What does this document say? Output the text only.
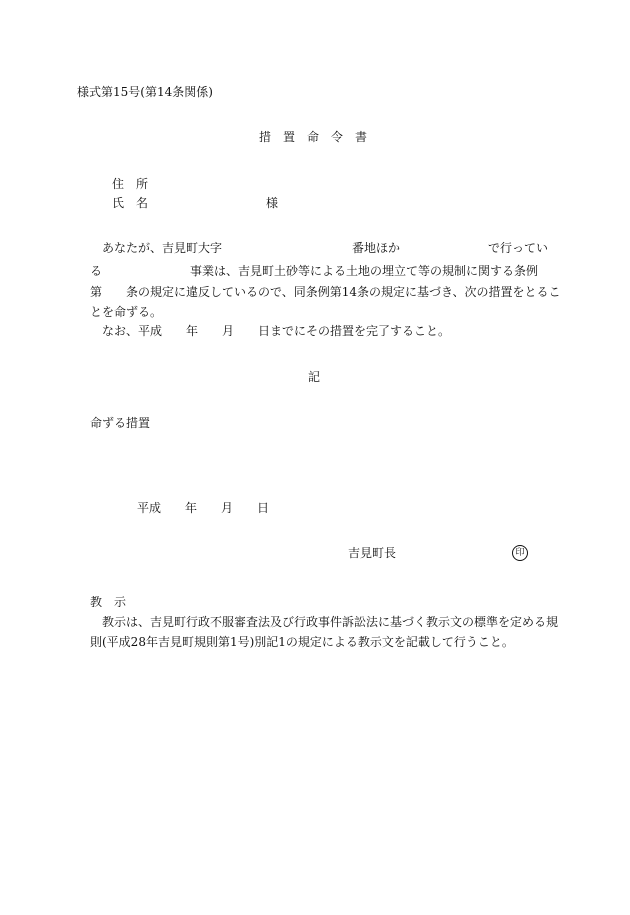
様式第15号(第14条関係)
措　置　命　令　書
住　所
氏　名	様
あなたが、吉見町大字	番地ほか	で行ってい
る	事業は、吉見町土砂等による土地の埋立て等の規制に関する条例
第 条の規定に違反しているので、同条例第14条の規定に基づき、次の措置をとるこ
とを命ずる。
なお、平成　　年　　月　　日までにその措置を完了すること。
記
命ずる措置
平成　　年　　月　　日
吉見町長	印
教　示
教示は、吉見町行政不服審査法及び行政事件訴訟法に基づく教示文の標準を定める規
則(平成28年吉見町規則第1号)別記1の規定による教示文を記載して行うこと。
